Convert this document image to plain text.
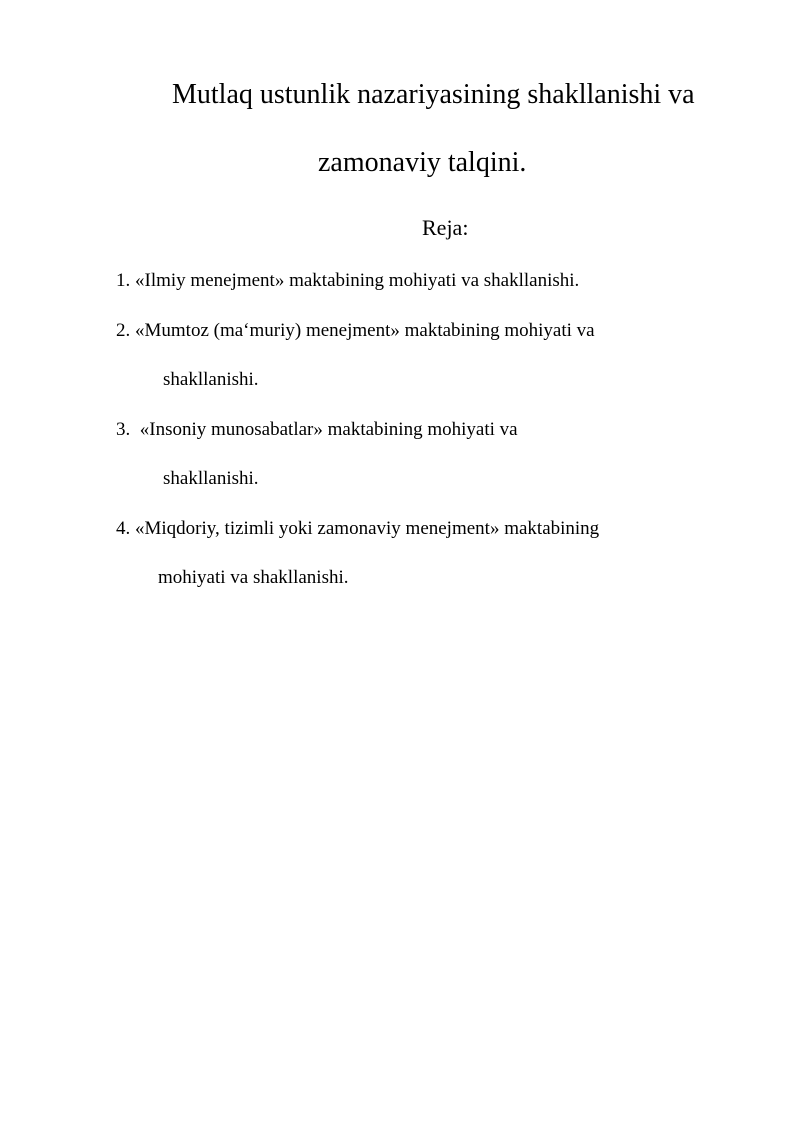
Mutlaq ustunlik nazariyasining shakllanishi va
zamonaviy talqini.
Reja:
1. «Ilmiy menejment» maktabining mohiyati va shakllanishi.
2. «Mumtoz (ma‘muriy) menejment» maktabining mohiyati va
shakllanishi.
3.  «Insoniy munosabatlar» maktabining mohiyati va
shakllanishi.
4. «Miqdoriy, tizimli yoki zamonaviy menejment» maktabining
mohiyati va shakllanishi.
